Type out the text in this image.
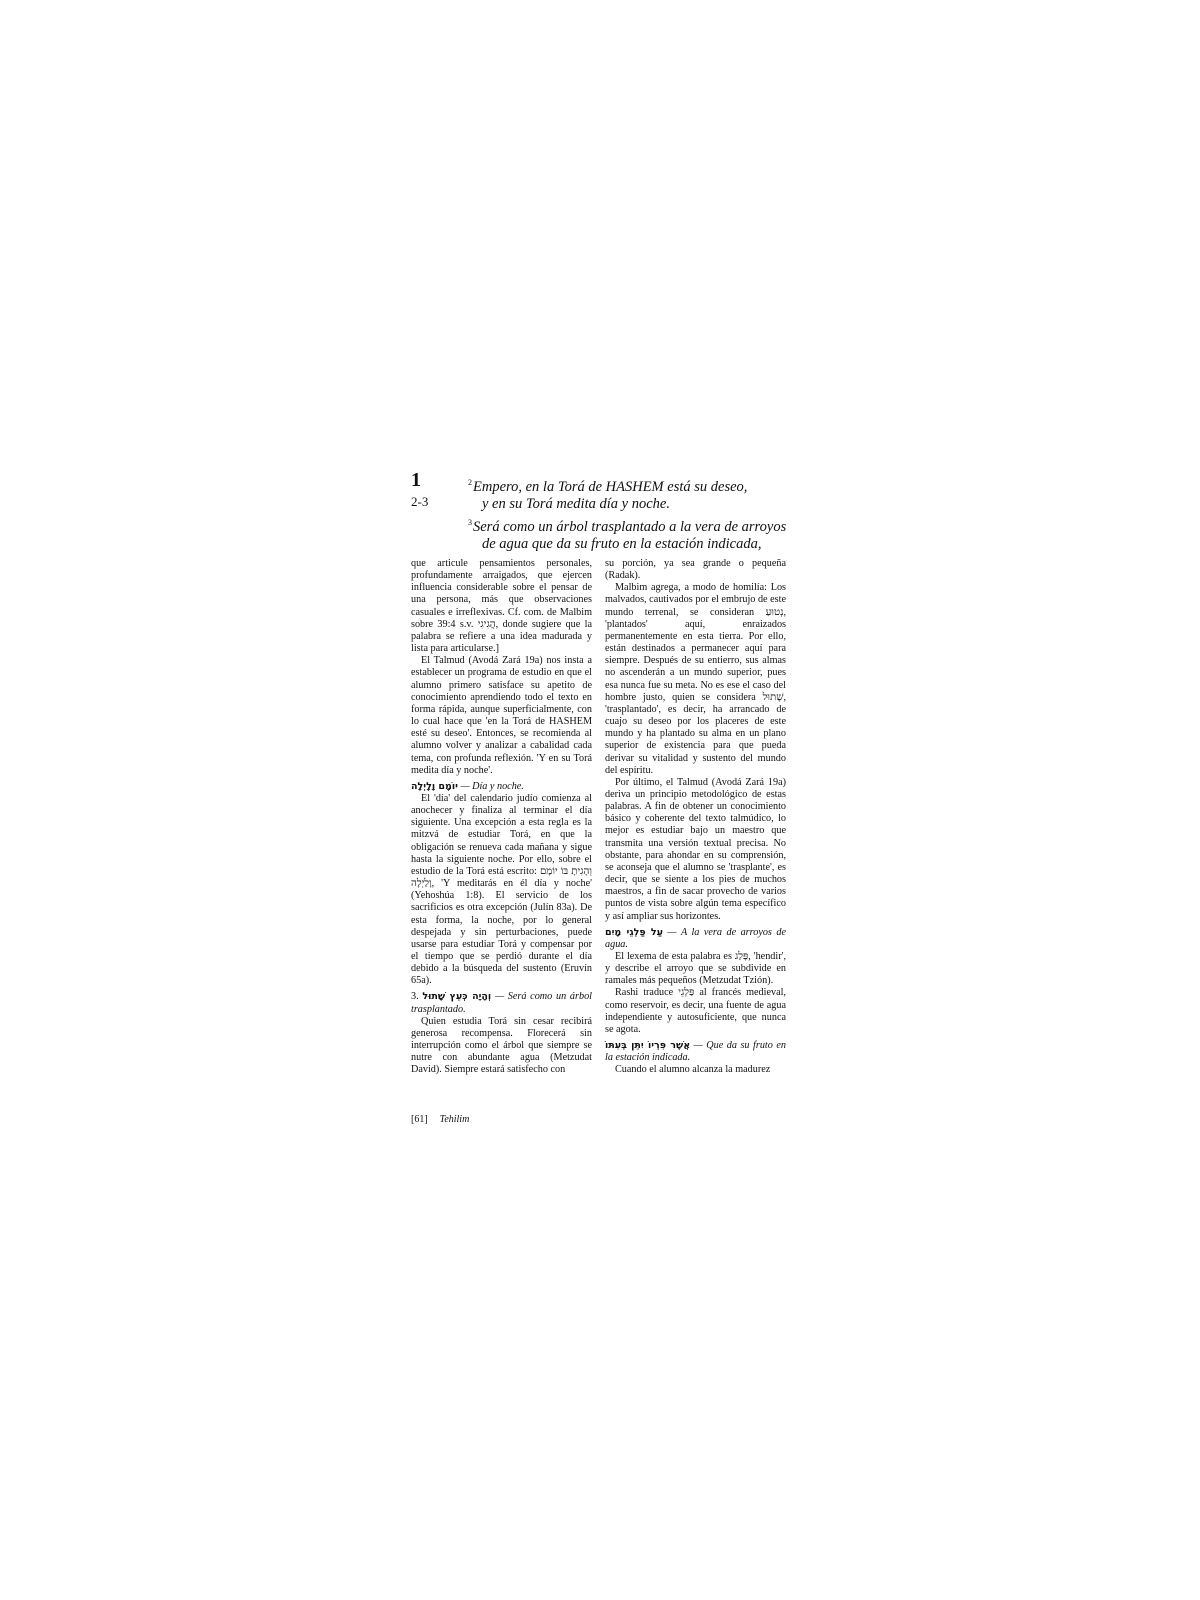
1
2-3
$^2$Empero, en la Torá de HASHEM está su deseo,
y en su Torá medita día y noche.
$^3$Será como un árbol trasplantado a la vera de arroyos
de agua que da su fruto en la estación indicada,

que articule pensamientos personales, profundamente arraigados, que ejercen influencia considerable sobre el pensar de una persona, más que observaciones casuales e irreflexivas. Cf. com. de Malbim sobre 39:4 s.v. הֲגִיגִי, donde sugiere que la palabra se refiere a una idea madurada y lista para articularse.]

El Talmud (Avodá Zará 19a) nos insta a establecer un programa de estudio en que el alumno primero satisface su apetito de conocimiento aprendiendo todo el texto en forma rápida, aunque superficialmente, con lo cual hace que 'en la Torá de HASHEM esté su deseo'. Entonces, se recomienda al alumno volver y analizar a cabalidad cada tema, con profunda reflexión. 'Y en su Torá medita día y noche'.

יוֹמָם וָלָיְלָה — Día y noche.

El 'día' del calendario judío comienza al anochecer y finaliza al terminar el día siguiente. Una excepción a esta regla es la mitzvá de estudiar Torá, en que la obligación se renueva cada mañana y sigue hasta la siguiente noche. Por ello, sobre el estudio de la Torá está escrito: וְהָגִיתָ בּוֹ יוֹמָם וָלַיְלָה, 'Y meditarás en él día y noche' (Yehoshúa 1:8). El servicio de los sacrificios es otra excepción (Julín 83a). De esta forma, la noche, por lo general despejada y sin perturbaciones, puede usarse para estudiar Torá y compensar por el tiempo que se perdió durante el día debido a la búsqueda del sustento (Eruvín 65a).

3. וְהָיָה כְּעֵץ שָׁתוּל — Será como un árbol trasplantado.

Quien estudia Torá sin cesar recibirá generosa recompensa. Florecerá sin interrupción como el árbol que siempre se nutre con abundante agua (Metzudat David). Siempre estará satisfecho con

su porción, ya sea grande o pequeña (Radak).

Malbim agrega, a modo de homilía: Los malvados, cautivados por el embrujo de este mundo terrenal, se consideran נְטוּעַ, 'plantados' aquí, enraizados permanentemente en esta tierra. Por ello, están destinados a permanecer aquí para siempre. Después de su entierro, sus almas no ascenderán a un mundo superior, pues esa nunca fue su meta. No es ese el caso del hombre justo, quien se considera שָׁתוּל, 'trasplantado', es decir, ha arrancado de cuajo su deseo por los placeres de este mundo y ha plantado su alma en un plano superior de existencia para que pueda derivar su vitalidad y sustento del mundo del espíritu.

Por último, el Talmud (Avodá Zará 19a) deriva un principio metodológico de estas palabras. A fin de obtener un conocimiento básico y coherente del texto talmúdico, lo mejor es estudiar bajo un maestro que transmita una versión textual precisa. No obstante, para ahondar en su comprensión, se aconseja que el alumno se 'trasplante', es decir, que se siente a los pies de muchos maestros, a fin de sacar provecho de varios puntos de vista sobre algún tema específico y así ampliar sus horizontes.

עַל פַּלְגֵי מָיִם — A la vera de arroyos de agua.

El lexema de esta palabra es פָּלַג, 'hendir', y describe el arroyo que se subdivide en ramales más pequeños (Metzudat Tzión).

Rashi traduce פַּלְגֵי al francés medieval, como reservoir, es decir, una fuente de agua independiente y autosuficiente, que nunca se agota.

אֲשֶׁר פִּרְיוֹ יִתֵּן בְּעִתּוֹ — Que da su fruto en la estación indicada.

Cuando el alumno alcanza la madurez

[61] Tehilim
